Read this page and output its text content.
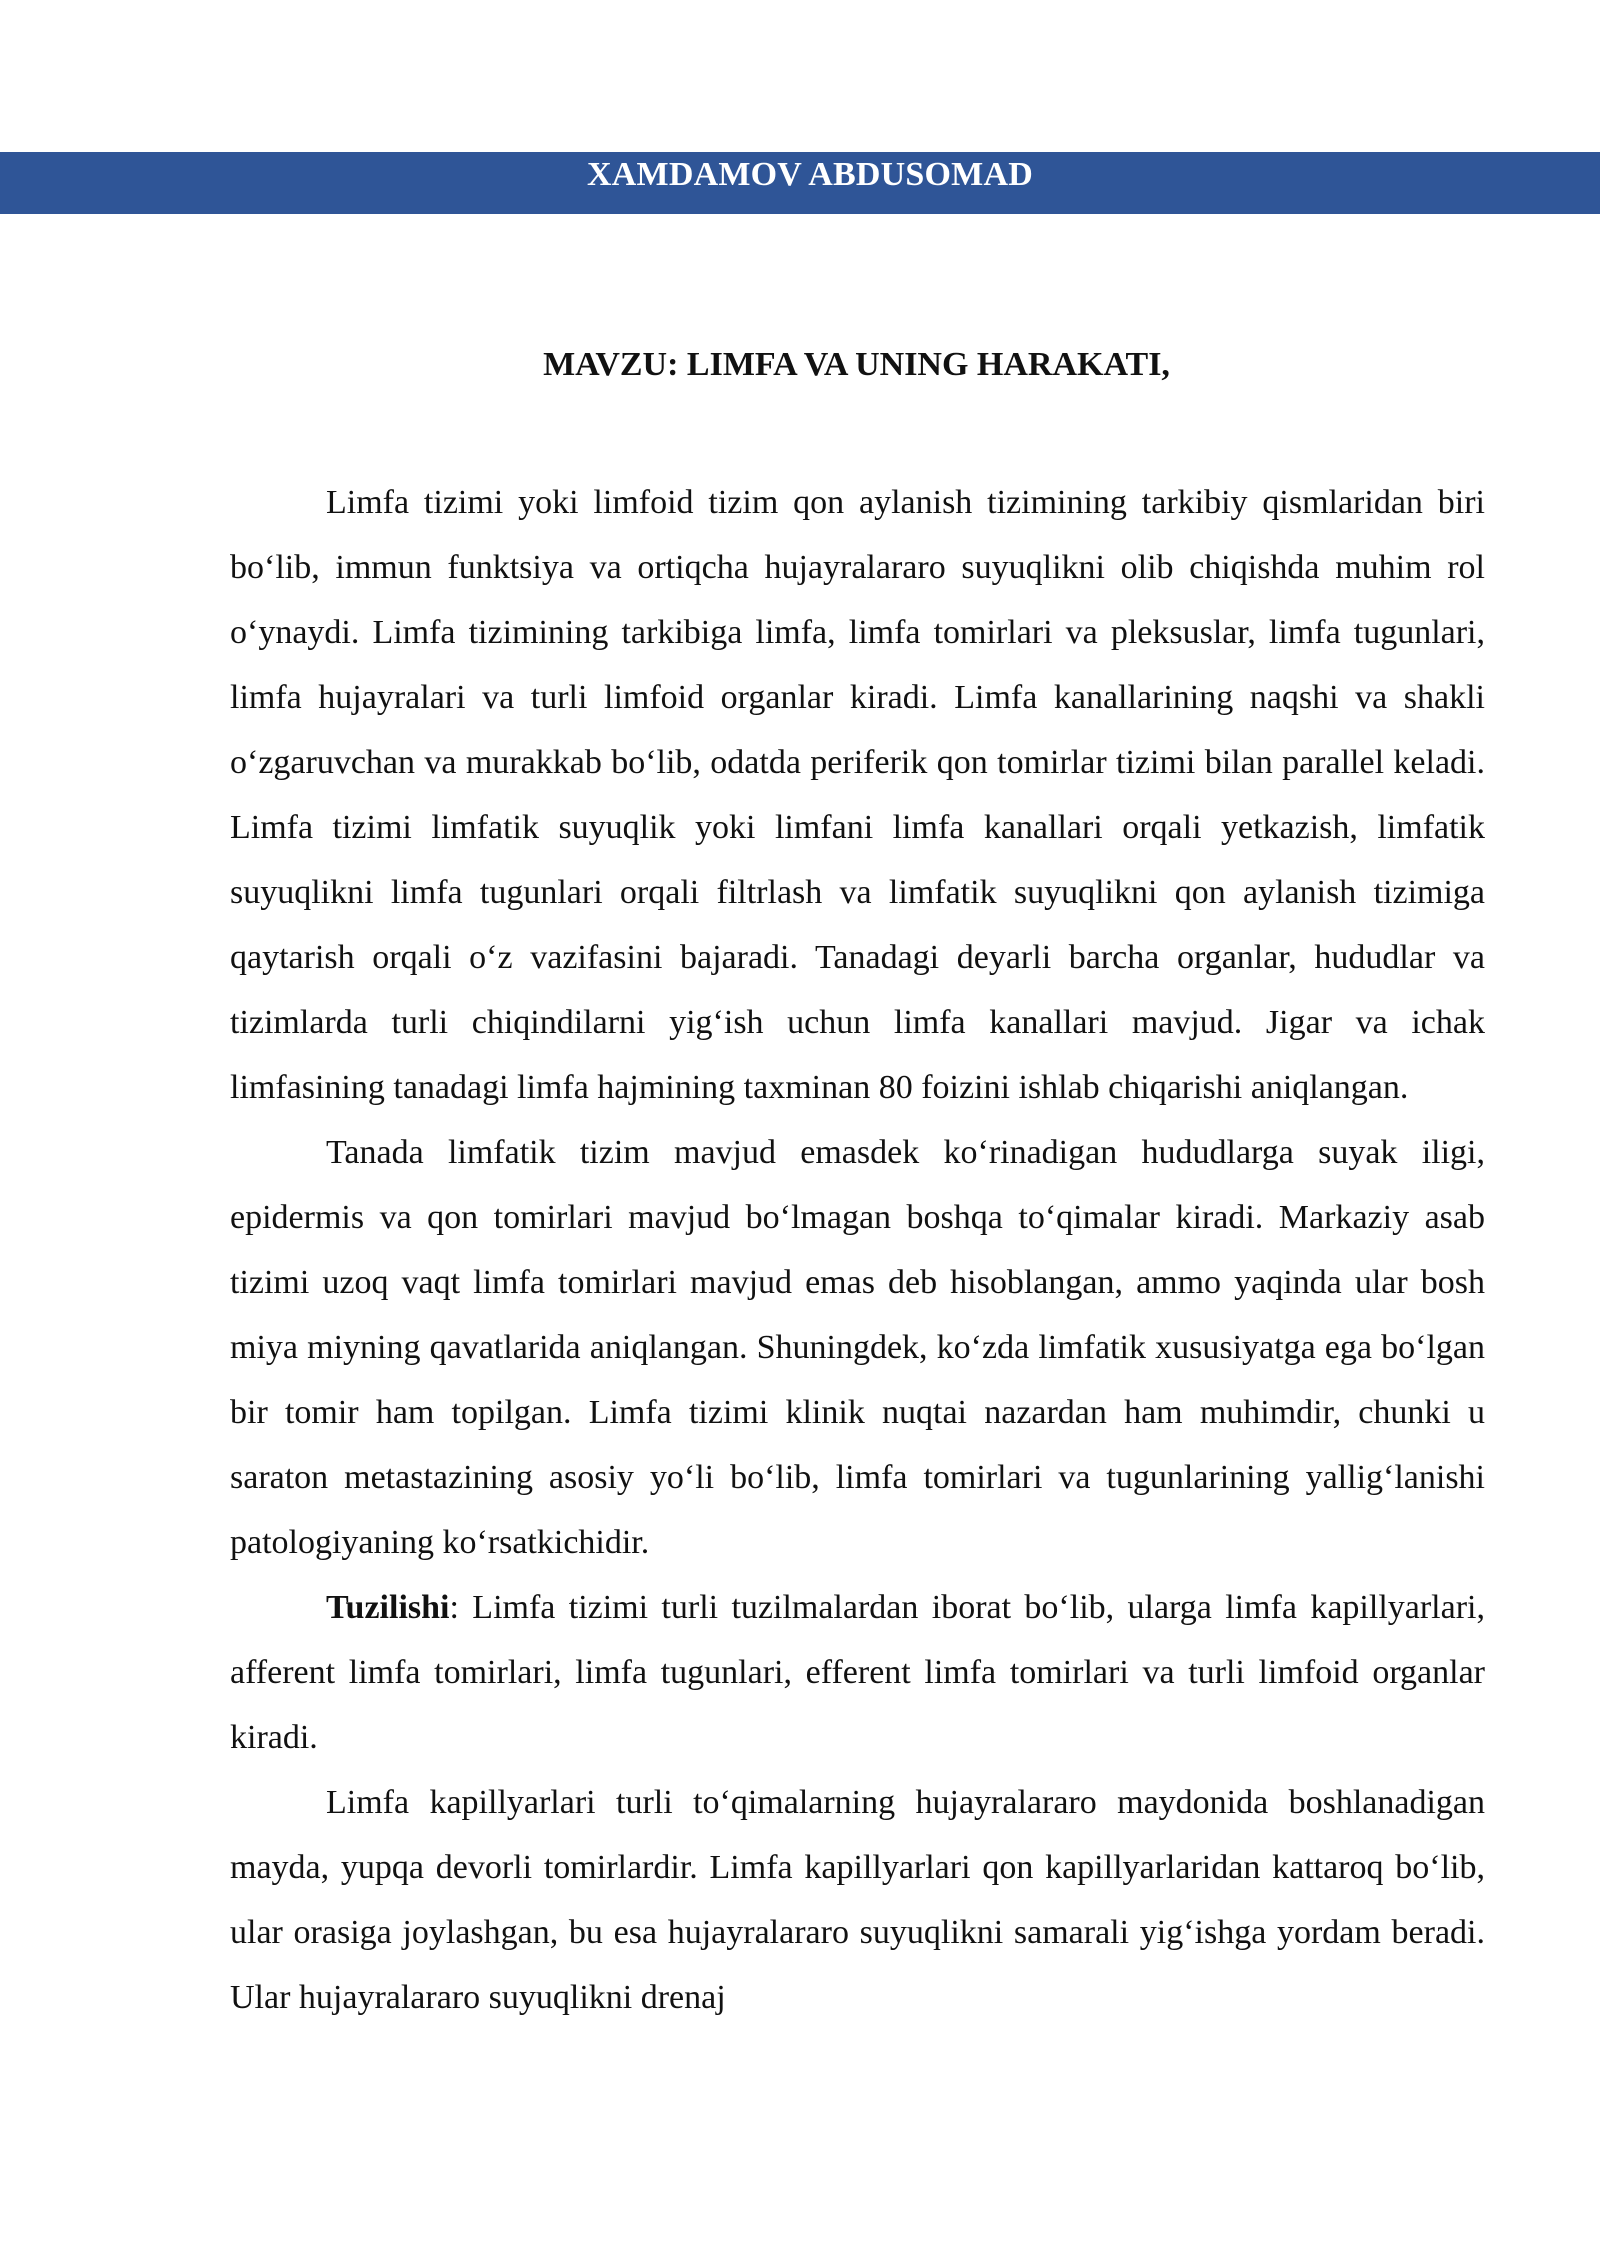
XAMDAMOV ABDUSOMAD
MAVZU: LIMFA VA UNING HARAKATI,

Limfa tizimi yoki limfoid tizim qon aylanish tizimining tarkibiy qismlaridan biri bo‘lib, immun funktsiya va ortiqcha hujayralararo suyuqlikni olib chiqishda muhim rol o‘ynaydi. Limfa tizimining tarkibiga limfa, limfa tomirlari va pleksuslar, limfa tugunlari, limfa hujayralari va turli limfoid organlar kiradi. Limfa kanallarining naqshi va shakli o‘zgaruvchan va murakkab bo‘lib, odatda periferik qon tomirlar tizimi bilan parallel keladi. Limfa tizimi limfatik suyuqlik yoki limfani limfa kanallari orqali yetkazish, limfatik suyuqlikni limfa tugunlari orqali filtrlash va limfatik suyuqlikni qon aylanish tizimiga qaytarish orqali o‘z vazifasini bajaradi. Tanadagi deyarli barcha organlar, hududlar va tizimlarda turli chiqindilarni yig‘ish uchun limfa kanallari mavjud. Jigar va ichak limfasining tanadagi limfa hajmining taxminan 80 foizini ishlab chiqarishi aniqlangan.

Tanada limfatik tizim mavjud emasdek ko‘rinadigan hududlarga suyak iligi, epidermis va qon tomirlari mavjud bo‘lmagan boshqa to‘qimalar kiradi. Markaziy asab tizimi uzoq vaqt limfa tomirlari mavjud emas deb hisoblangan, ammo yaqinda ular bosh miya miyning qavatlarida aniqlangan. Shuningdek, ko‘zda limfatik xususiyatga ega bo‘lgan bir tomir ham topilgan. Limfa tizimi klinik nuqtai nazardan ham muhimdir, chunki u saraton metastazining asosiy yo‘li bo‘lib, limfa tomirlari va tugunlarining yallig‘lanishi patologiyaning ko‘rsatkichidir.

Tuzilishi: Limfa tizimi turli tuzilmalardan iborat bo‘lib, ularga limfa kapillyarlari, afferent limfa tomirlari, limfa tugunlari, efferent limfa tomirlari va turli limfoid organlar kiradi.

Limfa kapillyarlari turli to‘qimalarning hujayralararo maydonida boshlanadigan mayda, yupqa devorli tomirlardir. Limfa kapillyarlari qon kapillyarlaridan kattaroq bo‘lib, ular orasiga joylashgan, bu esa hujayralararo suyuqlikni samarali yig‘ishga yordam beradi. Ular hujayralararo suyuqlikni drenaj
